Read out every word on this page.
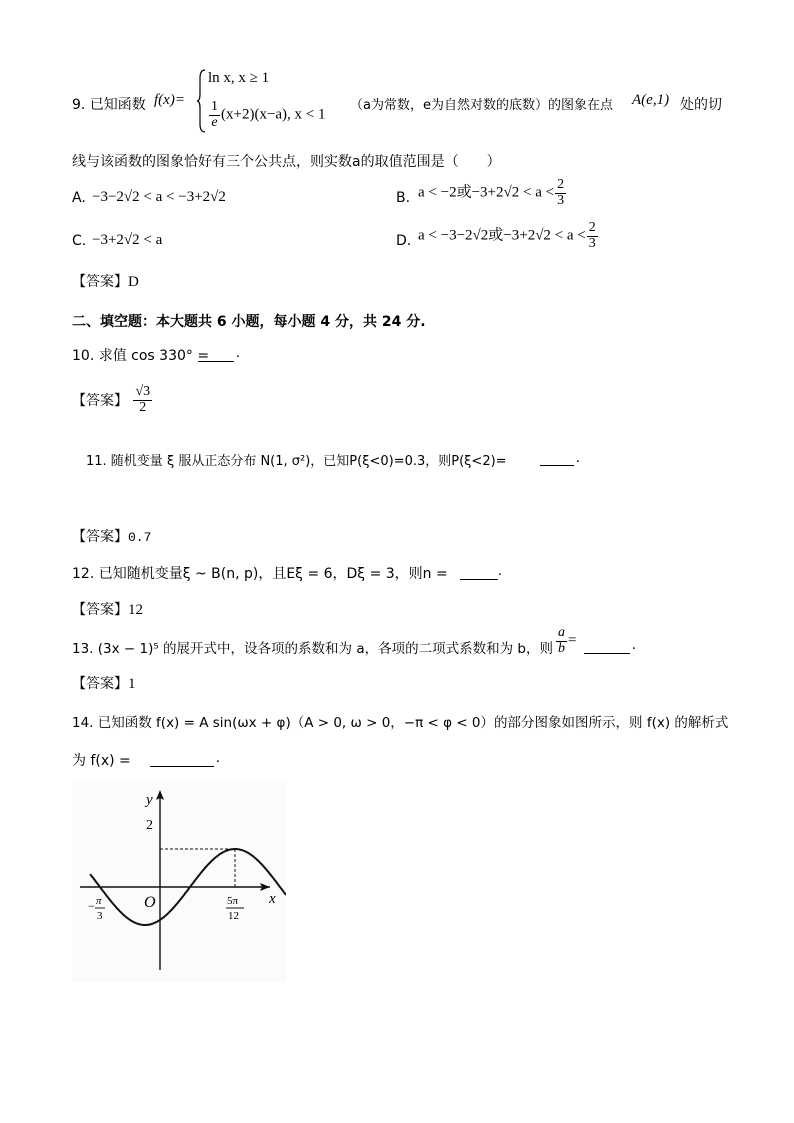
9. 已知函数 f(x)=
ln x, x ≥ 1
$\frac{1}{e} (x+2)(x-a)$, x < 1
（a为常数，e为自然对数的底数）的图象在点 A(e,1) 处的切
线与该函数的图象恰好有三个公共点，则实数a的取值范围是（　　）
A. −3−2√2 < a < −3+2√2	B. a < −2或$-3+2√2 < a < \frac{2}{3}$
C. −3+2√2 < a	D. a < −3−2√2或$-3+2√2 < a < \frac{2}{3}$
【答案】D
二、填空题：本大题共 6 小题，每小题 4 分，共 24 分.
10. 求值 cos 330° = .
【答案】 $\frac{√3}{2}$
11. 随机变量 ξ 服从正态分布 N(1, σ²)，已知P(ξ<0)=0.3，则P(ξ<2)=	.
【答案】0.7
12. 已知随机变量ξ ~ B(n, p)，且Eξ = 6，Dξ = 3，则n =	.
【答案】12
13. (3x − 1)⁵ 的展开式中，设各项的系数和为 a，各项的二项式系数和为 b，则 $\frac{a}{b}$ =	.
【答案】1
14. 已知函数 f(x) = A sin(ωx + φ)（A > 0, ω > 0，−π < φ < 0）的部分图象如图所示，则 f(x) 的解析式
为 f(x) =	.
y
x
O
2
− π
3
5π
12
